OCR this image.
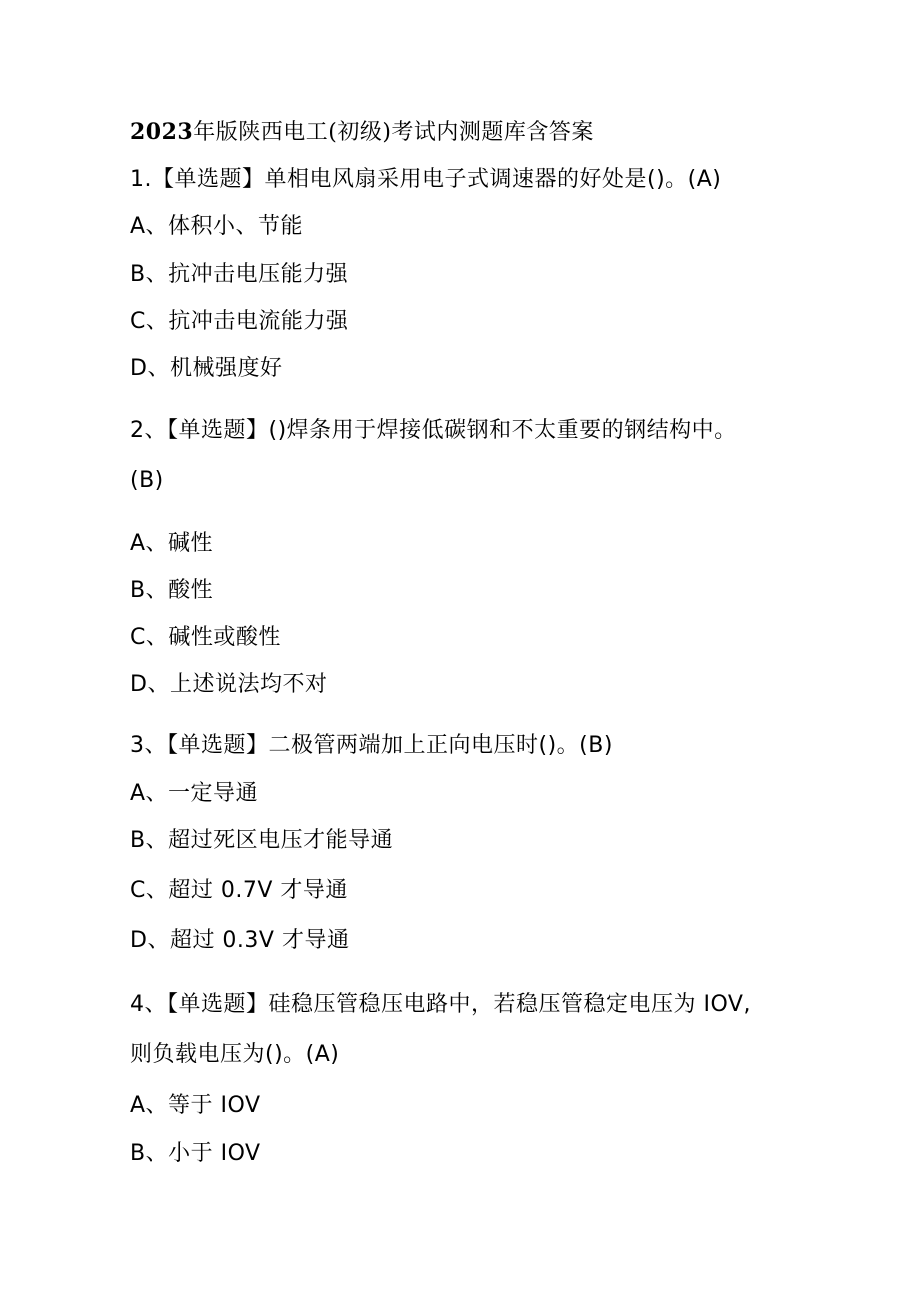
2023年版陕西电工(初级)考试内测题库含答案
1.【单选题】单相电风扇采用电子式调速器的好处是()。(A)
A、体积小、节能
B、抗冲击电压能力强
C、抗冲击电流能力强
D、机械强度好
2、【单选题】()焊条用于焊接低碳钢和不太重要的钢结构中。
(B)
A、碱性
B、酸性
C、碱性或酸性
D、上述说法均不对
3、【单选题】二极管两端加上正向电压时()。(B)
A、一定导通
B、超过死区电压才能导通
C、超过 0.7V 才导通
D、超过 0.3V 才导通
4、【单选题】硅稳压管稳压电路中，若稳压管稳定电压为 IOV,
则负载电压为()。(A)
A、等于 IOV
B、小于 IOV
